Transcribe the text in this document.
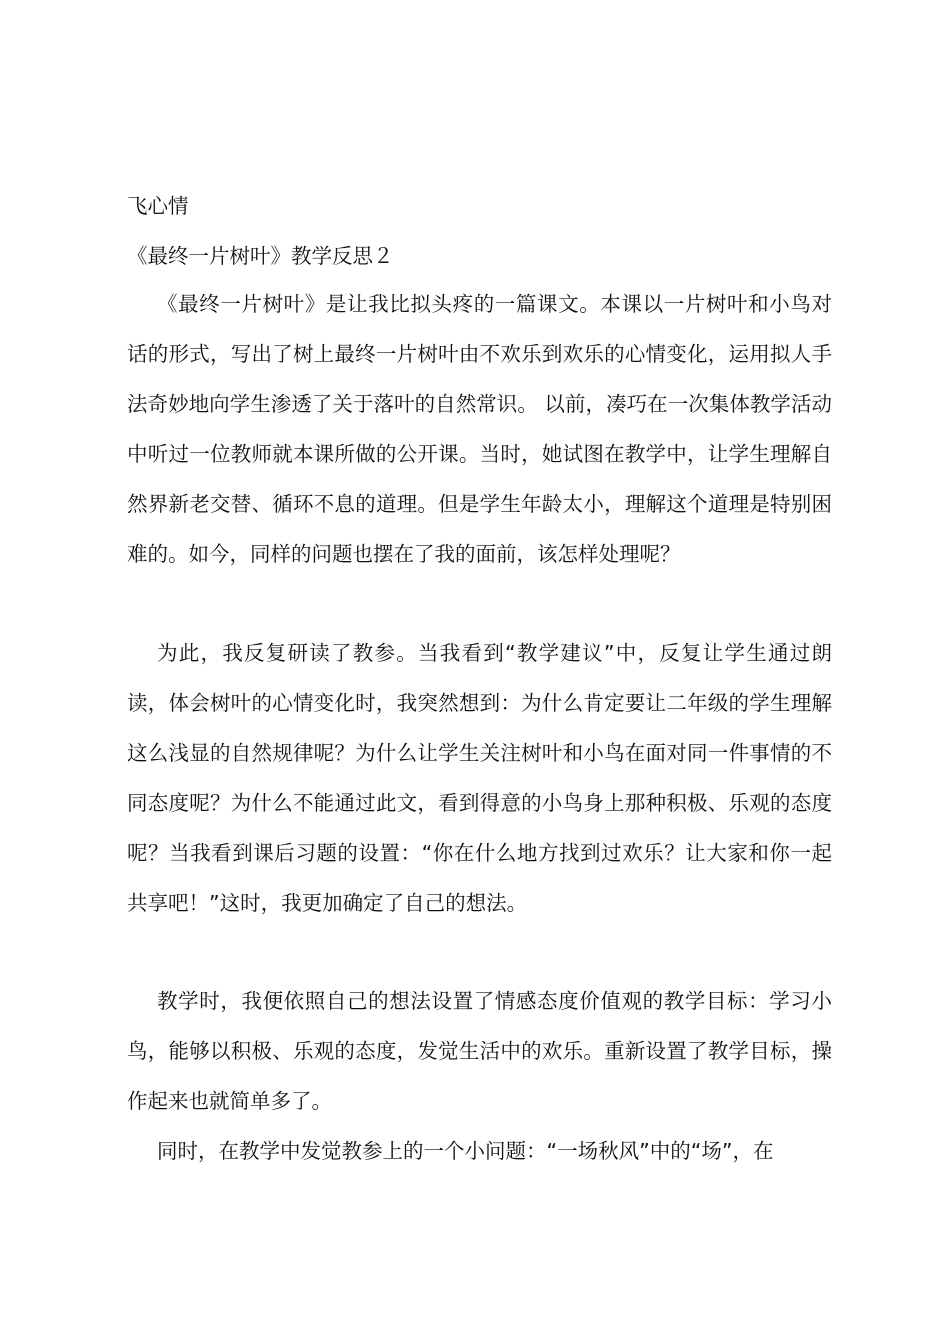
飞心情
《最终一片树叶》教学反思２

《最终一片树叶》是让我比拟头疼的一篇课文。本课以一片树叶和小鸟对话的形式，写出了树上最终一片树叶由不欢乐到欢乐的心情变化，运用拟人手法奇妙地向学生渗透了关于落叶的自然常识。 以前，凑巧在一次集体教学活动中听过一位教师就本课所做的公开课。当时，她试图在教学中，让学生理解自然界新老交替、循环不息的道理。但是学生年龄太小，理解这个道理是特别困难的。如今，同样的问题也摆在了我的面前，该怎样处理呢？

为此，我反复研读了教参。当我看到“教学建议”中，反复让学生通过朗读，体会树叶的心情变化时，我突然想到：为什么肯定要让二年级的学生理解这么浅显的自然规律呢？为什么让学生关注树叶和小鸟在面对同一件事情的不同态度呢？为什么不能通过此文，看到得意的小鸟身上那种积极、乐观的态度呢？当我看到课后习题的设置：“你在什么地方找到过欢乐？让大家和你一起共享吧！”这时，我更加确定了自己的想法。

教学时，我便依照自己的想法设置了情感态度价值观的教学目标：学习小鸟，能够以积极、乐观的态度，发觉生活中的欢乐。重新设置了教学目标，操作起来也就简单多了。

同时，在教学中发觉教参上的一个小问题：“一场秋风”中的“场”，在
